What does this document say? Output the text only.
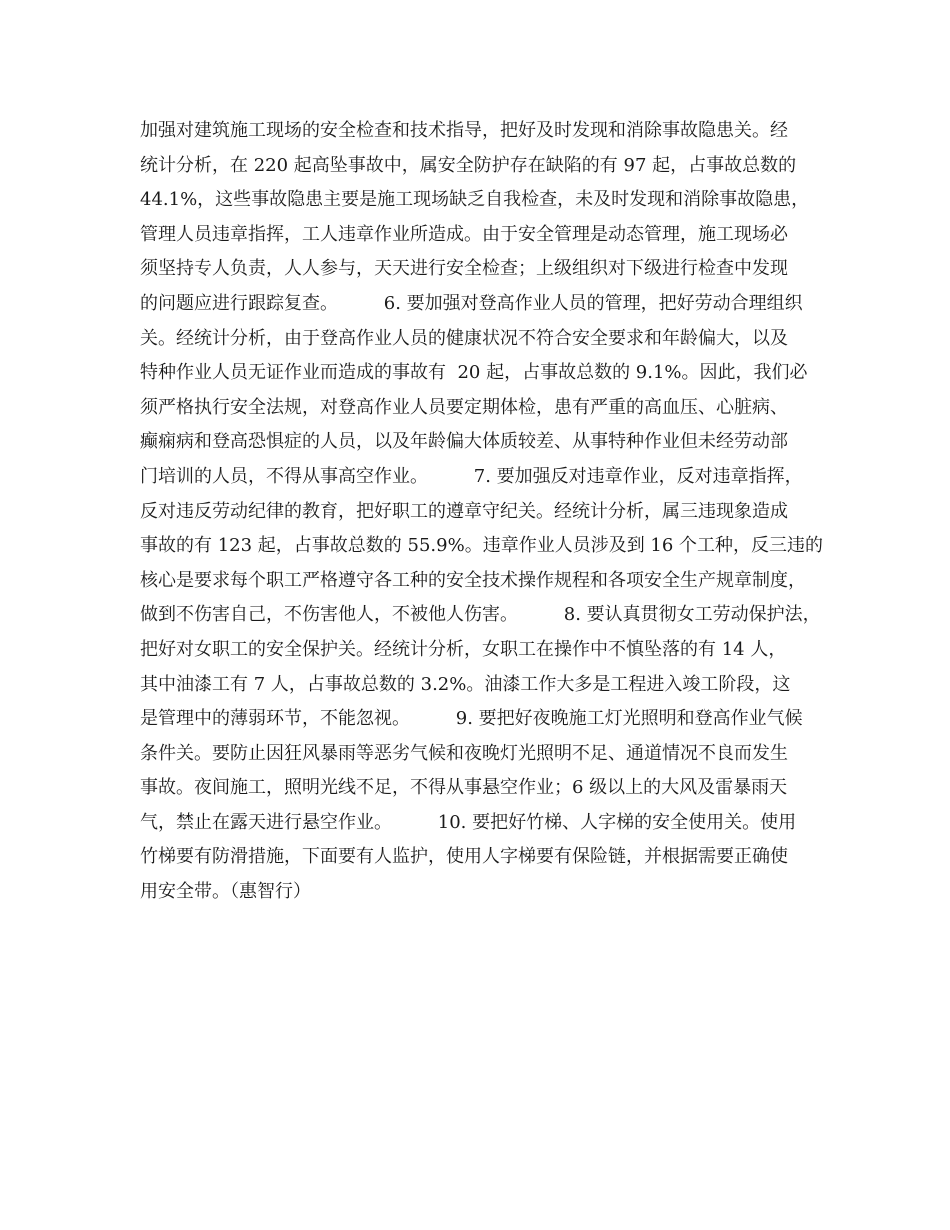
加强对建筑施工现场的安全检查和技术指导，把好及时发现和消除事故隐患关。经
统计分析，在 220 起高坠事故中，属安全防护存在缺陷的有 97 起，占事故总数的
44.1%，这些事故隐患主要是施工现场缺乏自我检查，未及时发现和消除事故隐患，
管理人员违章指挥，工人违章作业所造成。由于安全管理是动态管理，施工现场必
须坚持专人负责，人人参与，天天进行安全检查；上级组织对下级进行检查中发现
的问题应进行跟踪复查。        6. 要加强对登高作业人员的管理，把好劳动合理组织
关。经统计分析，由于登高作业人员的健康状况不符合安全要求和年龄偏大，以及
特种作业人员无证作业而造成的事故有  20 起，占事故总数的 9.1%。因此，我们必
须严格执行安全法规，对登高作业人员要定期体检，患有严重的高血压、心脏病、
癫痫病和登高恐惧症的人员，以及年龄偏大体质较差、从事特种作业但未经劳动部
门培训的人员，不得从事高空作业。        7. 要加强反对违章作业，反对违章指挥，
反对违反劳动纪律的教育，把好职工的遵章守纪关。经统计分析，属三违现象造成
事故的有 123 起，占事故总数的 55.9%。违章作业人员涉及到 16 个工种，反三违的
核心是要求每个职工严格遵守各工种的安全技术操作规程和各项安全生产规章制度，
做到不伤害自己，不伤害他人，不被他人伤害。        8. 要认真贯彻女工劳动保护法，
把好对女职工的安全保护关。经统计分析，女职工在操作中不慎坠落的有 14 人，
其中油漆工有 7 人，占事故总数的 3.2%。油漆工作大多是工程进入竣工阶段，这
是管理中的薄弱环节，不能忽视。        9. 要把好夜晚施工灯光照明和登高作业气候
条件关。要防止因狂风暴雨等恶劣气候和夜晚灯光照明不足、通道情况不良而发生
事故。夜间施工，照明光线不足，不得从事悬空作业；6 级以上的大风及雷暴雨天
气，禁止在露天进行悬空作业。        10. 要把好竹梯、人字梯的安全使用关。使用
竹梯要有防滑措施，下面要有人监护，使用人字梯要有保险链，并根据需要正确使
用安全带。（惠智行）
